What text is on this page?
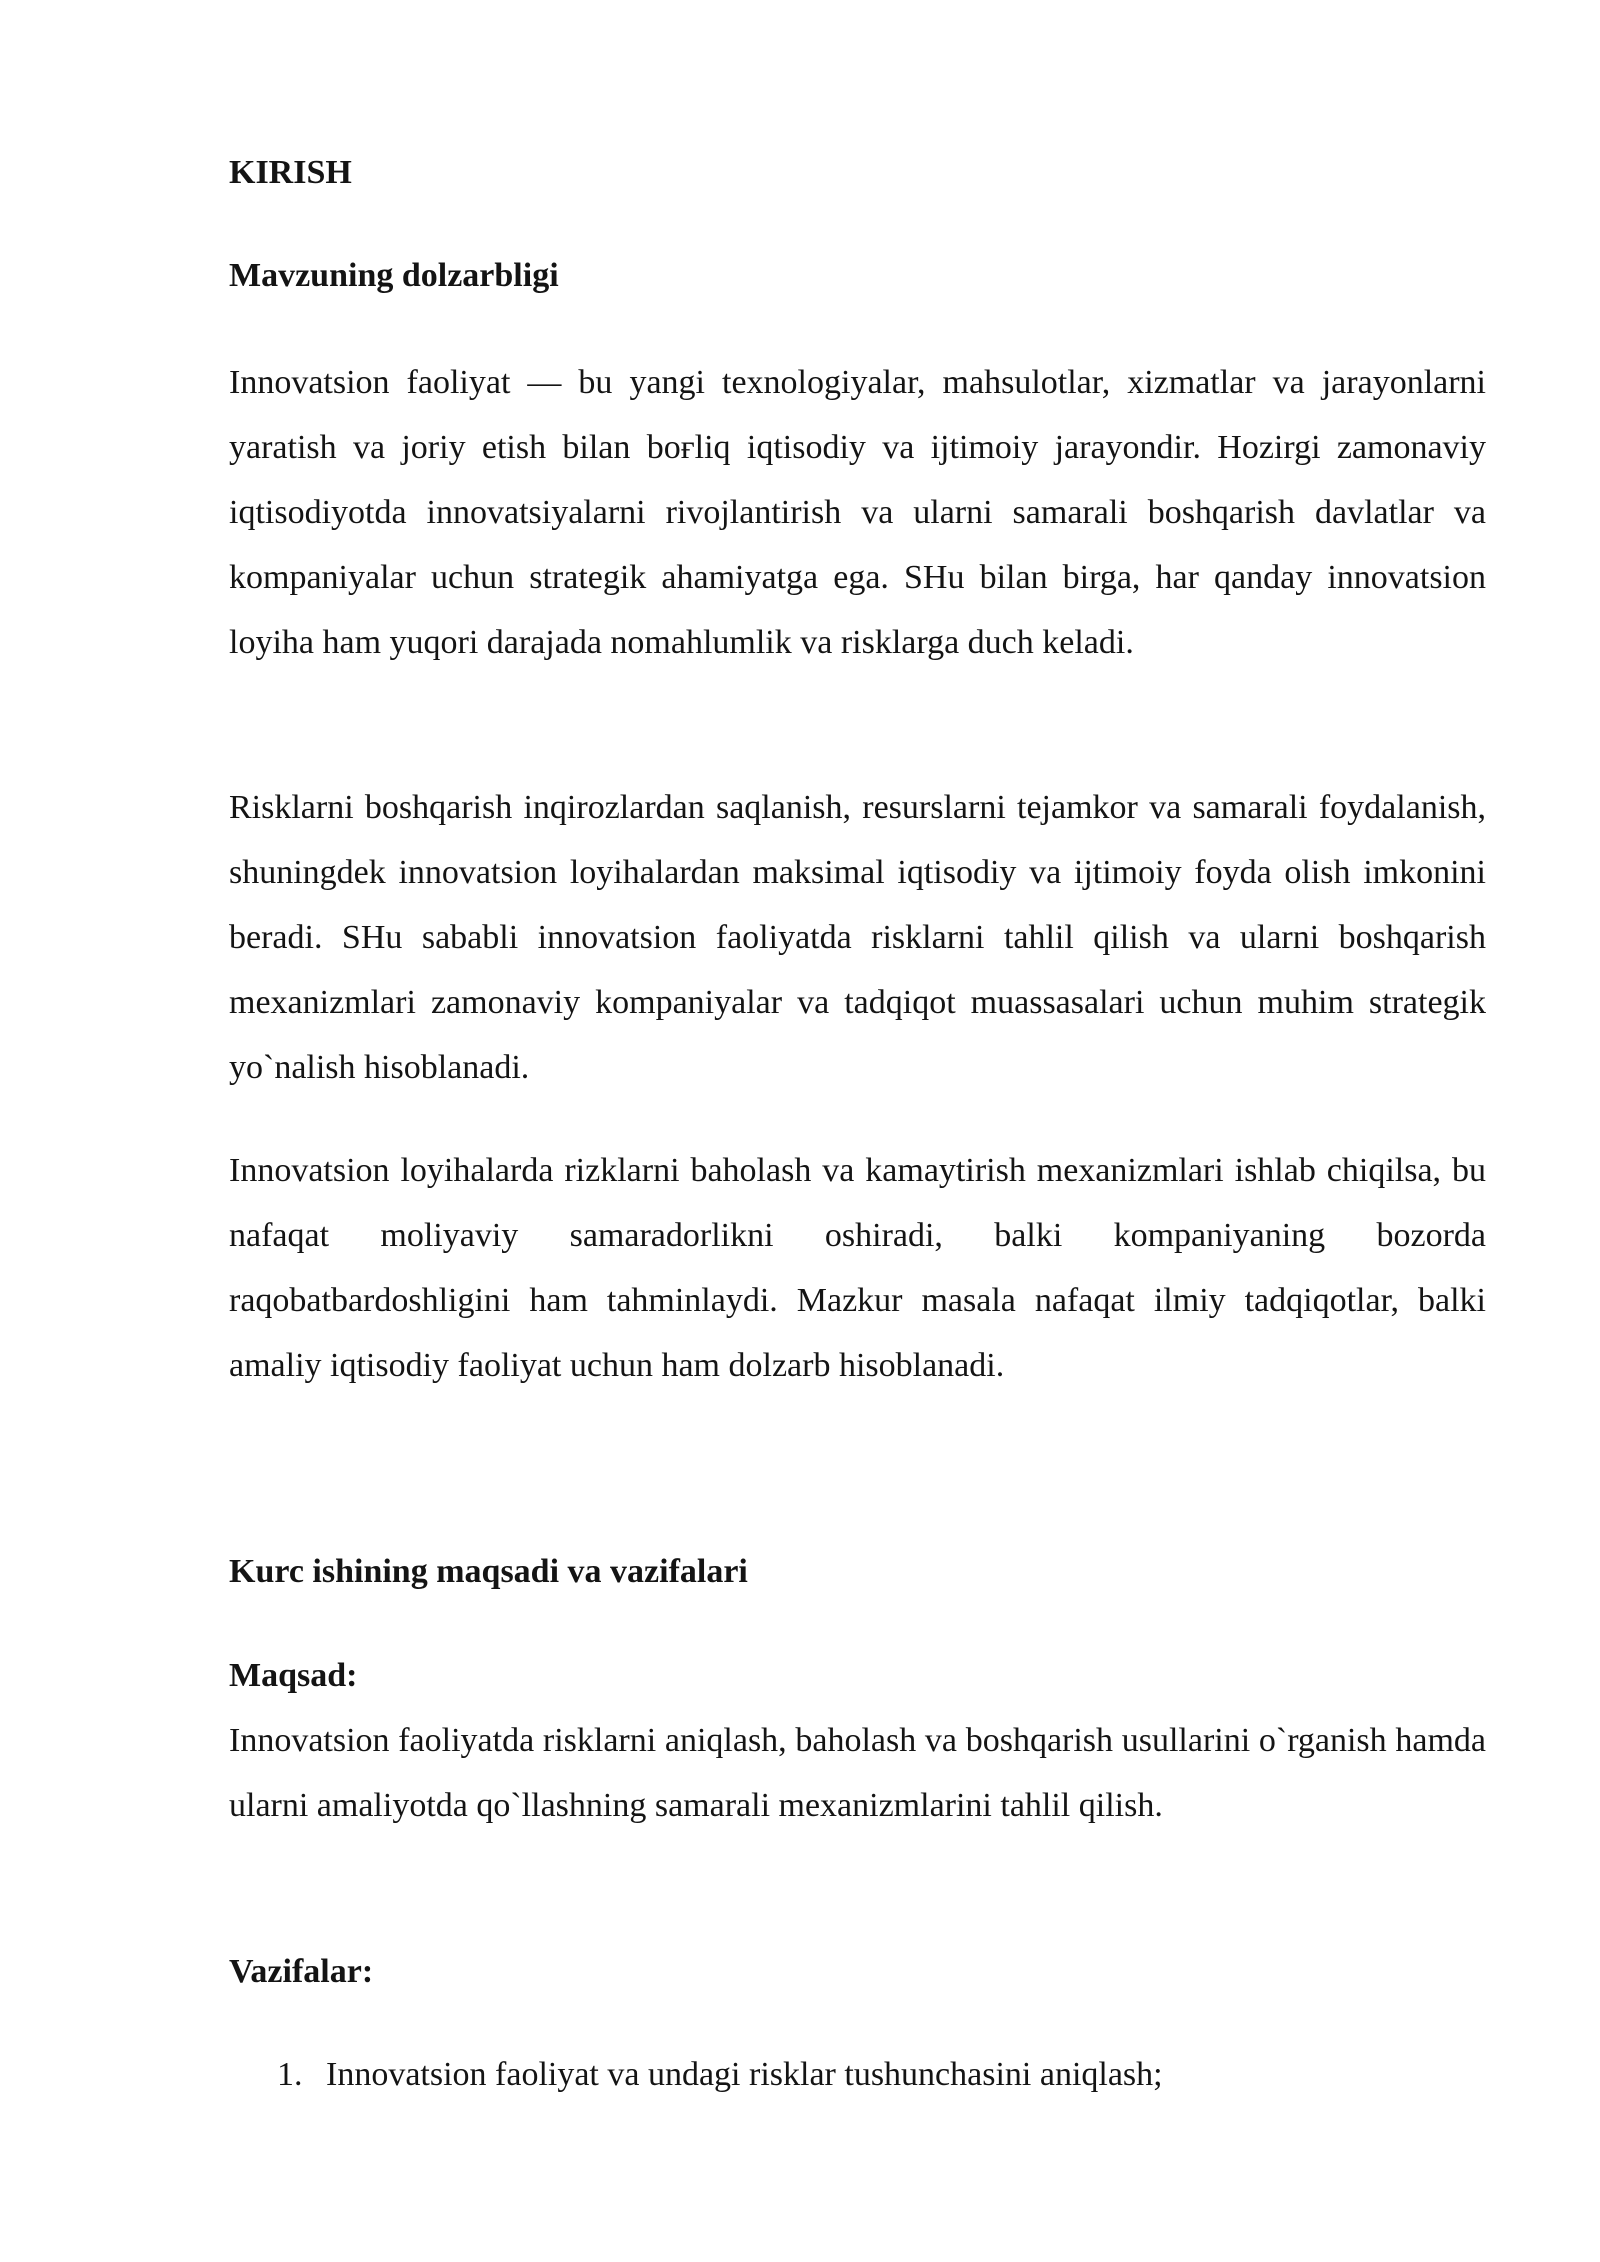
KIRISH
Mavzuning dolzarbligi

Innovatsion faoliyat — bu yangi texnologiyalar, mahsulotlar, xizmatlar va jarayonlarni yaratish va joriy etish bilan boғliq iqtisodiy va ijtimoiy jarayondir. Hozirgi zamonaviy iqtisodiyotda innovatsiyalarni rivojlantirish va ularni samarali boshqarish davlatlar va kompaniyalar uchun strategik ahamiyatga ega. SHu bilan birga, har qanday innovatsion loyiha ham yuqori darajada nomahlumlik va risklarga duch keladi.

Risklarni boshqarish inqirozlardan saqlanish, resurslarni tejamkor va samarali foydalanish, shuningdek innovatsion loyihalardan maksimal iqtisodiy va ijtimoiy foyda olish imkonini beradi. SHu sababli innovatsion faoliyatda risklarni tahlil qilish va ularni boshqarish mexanizmlari zamonaviy kompaniyalar va tadqiqot muassasalari uchun muhim strategik yo`nalish hisoblanadi.

Innovatsion loyihalarda rizklarni baholash va kamaytirish mexanizmlari ishlab chiqilsa, bu nafaqat moliyaviy samaradorlikni oshiradi, balki kompaniyaning bozorda raqobatbardoshligini ham tahminlaydi. Mazkur masala nafaqat ilmiy tadqiqotlar, balki amaliy iqtisodiy faoliyat uchun ham dolzarb hisoblanadi.

Kurc ishining maqsadi va vazifalari
Maqsad:

Innovatsion faoliyatda risklarni aniqlash, baholash va boshqarish usullarini o`rganish hamda ularni amaliyotda qo`llashning samarali mexanizmlarini tahlil qilish.

Vazifalar:
1. Innovatsion faoliyat va undagi risklar tushunchasini aniqlash;
